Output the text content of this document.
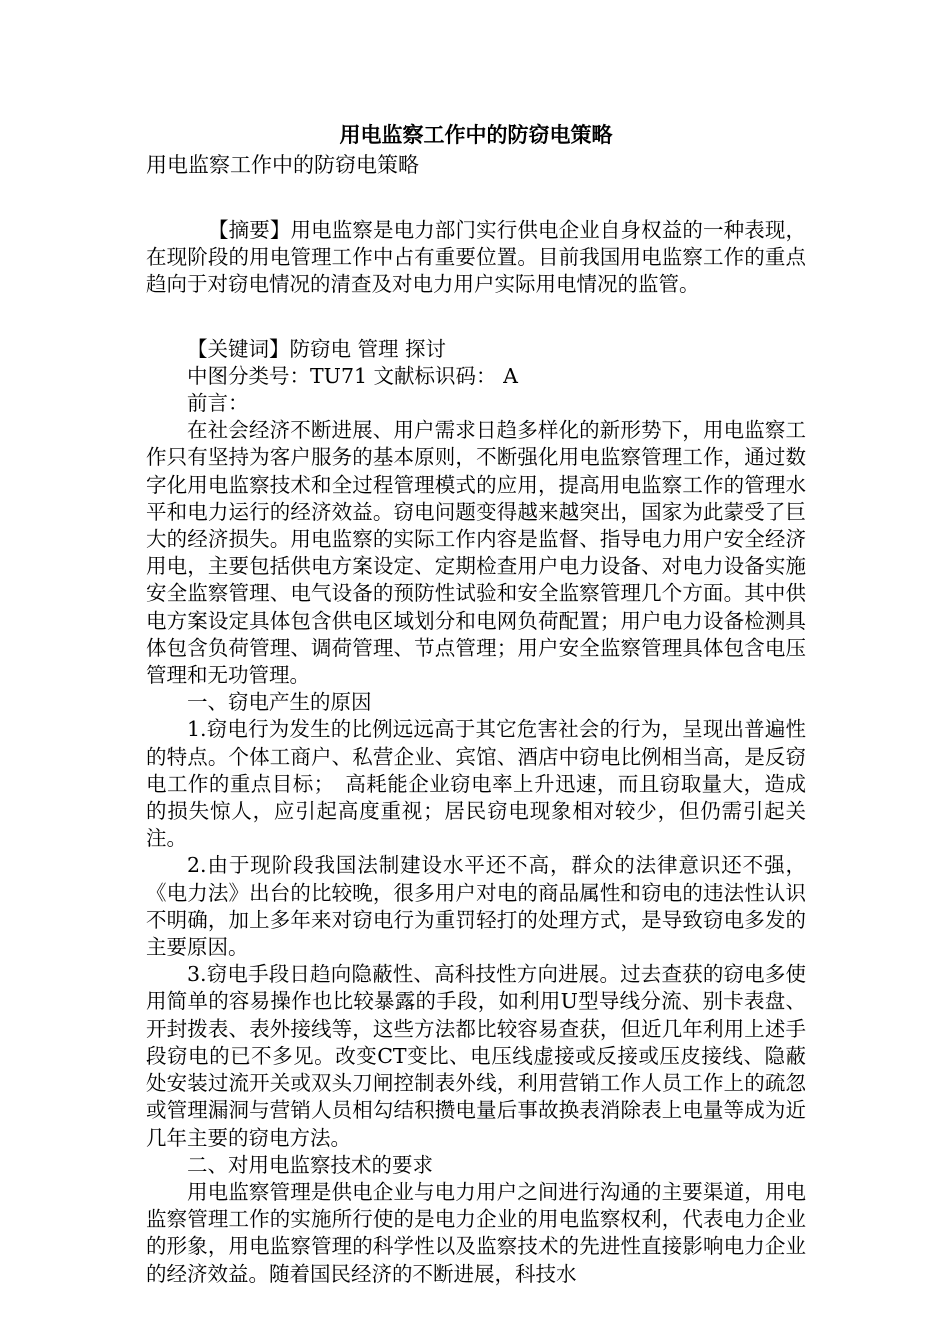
用电监察工作中的防窃电策略
用电监察工作中的防窃电策略

【摘要】用电监察是电力部门实行供电企业自身权益的一种表现，在现阶段的用电管理工作中占有重要位置。目前我国用电监察工作的重点趋向于对窃电情况的清查及对电力用户实际用电情况的监管。

【关键词】防窃电 管理 探讨

中图分类号：TU71 文献标识码： A

前言：

在社会经济不断进展、用户需求日趋多样化的新形势下，用电监察工作只有坚持为客户服务的基本原则，不断强化用电监察管理工作，通过数字化用电监察技术和全过程管理模式的应用，提高用电监察工作的管理水平和电力运行的经济效益。窃电问题变得越来越突出，国家为此蒙受了巨大的经济损失。用电监察的实际工作内容是监督、指导电力用户安全经济用电，主要包括供电方案设定、定期检查用户电力设备、对电力设备实施安全监察管理、电气设备的预防性试验和安全监察管理几个方面。其中供电方案设定具体包含供电区域划分和电网负荷配置；用户电力设备检测具体包含负荷管理、调荷管理、节点管理；用户安全监察管理具体包含电压管理和无功管理。

一、窃电产生的原因

1.窃电行为发生的比例远远高于其它危害社会的行为，呈现出普遍性的特点。个体工商户、私营企业、宾馆、酒店中窃电比例相当高，是反窃电工作的重点目标；　高耗能企业窃电率上升迅速，而且窃取量大，造成的损失惊人，应引起高度重视；居民窃电现象相对较少，但仍需引起关注。

2.由于现阶段我国法制建设水平还不高，群众的法律意识还不强，《电力法》出台的比较晚，很多用户对电的商品属性和窃电的违法性认识不明确，加上多年来对窃电行为重罚轻打的处理方式，是导致窃电多发的主要原因。

3.窃电手段日趋向隐蔽性、高科技性方向进展。过去查获的窃电多使用简单的容易操作也比较暴露的手段，如利用U型导线分流、别卡表盘、开封拨表、表外接线等，这些方法都比较容易查获，但近几年利用上述手段窃电的已不多见。改变CT变比、电压线虚接或反接或压皮接线、隐蔽处安装过流开关或双头刀闸控制表外线，利用营销工作人员工作上的疏忽或管理漏洞与营销人员相勾结积攒电量后事故换表消除表上电量等成为近几年主要的窃电方法。

二、对用电监察技术的要求

用电监察管理是供电企业与电力用户之间进行沟通的主要渠道，用电监察管理工作的实施所行使的是电力企业的用电监察权利，代表电力企业的形象，用电监察管理的科学性以及监察技术的先进性直接影响电力企业的经济效益。随着国民经济的不断进展，科技水
